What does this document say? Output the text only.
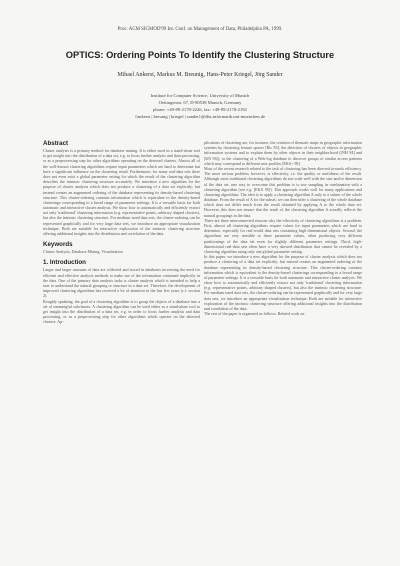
Proc. ACM SIGMOD'99 Int. Conf. on Management of Data, Philadelphia PA, 1999.
OPTICS: Ordering Points To Identify the Clustering Structure
Mihael Ankerst, Markus M. Breunig, Hans-Peter Kriegel, Jörg Sander
Institute for Computer Science, University of Munich
Oettingenstr. 67, D-80538 Munich, Germany
phone: +49-89-2178-2226, fax: +49-89-2178-2192
{ankerst | breunig | kriegel | sander}@dbs.informatik.uni-muenchen.de
Abstract

Cluster analysis is a primary method for database mining. It is either used as a stand-alone tool to get insight into the distribution of a data set, e.g. to focus further analysis and data processing, or as a preprocessing step for other algorithms operating on the detected clusters. Almost all of the well-known clustering algorithms require input parameters which are hard to determine but have a significant influence on the clustering result. Furthermore, for many real-data sets there does not even exist a global parameter setting for which the result of the clustering algorithm describes the intrinsic clustering structure accurately. We introduce a new algorithm for the purpose of cluster analysis which does not produce a clustering of a data set explicitly; but instead creates an augmented ordering of the database representing its density-based clustering structure. This cluster-ordering contains information which is equivalent to the density-based clusterings corresponding to a broad range of parameter settings. It is a versatile basis for both automatic and interactive cluster analysis. We show how to automatically and efficiently extract not only 'traditional' clustering information (e.g. representative points, arbitrary shaped clusters), but also the intrinsic clustering structure. For medium sized data sets, the cluster-ordering can be represented graphically and for very large data sets, we introduce an appropriate visualization technique. Both are suitable for interactive exploration of the intrinsic clustering structure offering additional insights into the distribution and correlation of the data.

Keywords

Cluster Analysis, Database Mining, Visualization

1. Introduction

Larger and larger amounts of data are collected and stored in databases increasing the need for efficient and effective analysis methods to make use of the information contained implicitly in the data. One of the primary data analysis tasks is cluster analysis which is intended to help a user to understand the natural grouping or structure in a data set. Therefore, the development of improved clustering algorithms has received a lot of attention in the last few years (c.f. section 2).

Roughly speaking, the goal of a clustering algorithm is to group the objects of a database into a set of meaningful subclasses. A clustering algorithm can be used either as a stand-alone tool to get insight into the distribution of a data set, e.g. in order to focus further analysis and data processing, or as a preprocessing step for other algorithms which operate on the detected clusters. Ap-

plications of clustering are, for instance, the creation of thematic maps in geographic information systems by clustering feature spaces [Ric 83], the detection of clusters of objects in geographic information systems and to explain them by other objects in their neighborhood ([NH 94] and [KN 96]), or the clustering of a Web-log database to discover groups of similar access patterns which may correspond to different user profiles [EKS+ 98].

Most of the recent research related to the task of clustering has been directed towards efficiency. The more serious problem, however, is effectivity, i.e. the quality or usefulness of the result. Although most traditional clustering algorithms do not scale well with the size and/or dimension of the data set, one way to overcome this problem is to use sampling in combination with a clustering algorithm (see e.g. [EKX 95]). This approach works well for many applications and clustering algorithms. The idea is to apply a clustering algorithm A only to a subset of the whole database. From the result of A for the subset, we can then infer a clustering of the whole database which does not differ much from the result obtained by applying A to the whole data set. However, this does not ensure that the result of the clustering algorithm A actually reflects the natural groupings in the data.

There are three interconnected reasons why the effectivity of clustering algorithms is a problem. First, almost all clustering algorithms require values for input parameters which are hard to determine, especially for real-world data sets containing high dimensional objects. Second, the algorithms are very sensible to these parameter values, often producing very different partitionings of the data set even for slightly different parameter settings. Third, high-dimensional real-data sets often have a very skewed distribution that cannot be revealed by a clustering algorithm using only one global parameter setting.

In this paper, we introduce a new algorithm for the purpose of cluster analysis which does not produce a clustering of a data set explicitly; but instead creates an augmented ordering of the database representing its density-based clustering structure. This cluster-ordering contains information which is equivalent to the density-based clusterings corresponding to a broad range of parameter settings. It is a versatile basis for both automatic and interactive cluster analysis. We show how to automatically and efficiently extract not only 'traditional' clustering information (e.g. representative points, arbitrary shaped clusters), but also the intrinsic clustering structure. For medium sized data sets, the cluster-ordering can be represented graphically and for very large data sets, we introduce an appropriate visualization technique. Both are suitable for interactive exploration of the intrinsic clustering structure offering additional insights into the distribution and correlation of the data.

The rest of the paper is organized as follows. Related work on
